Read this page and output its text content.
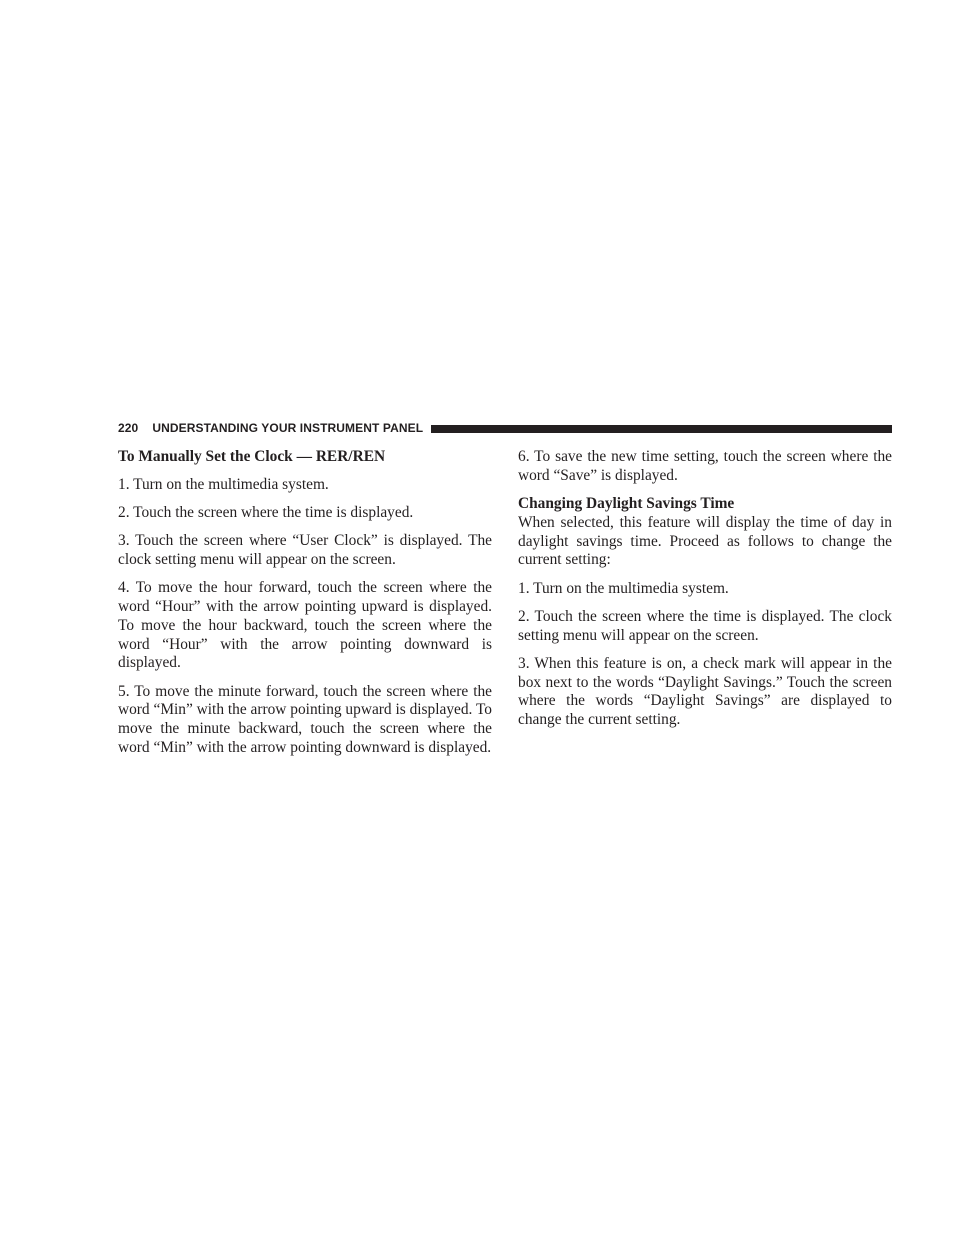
220 UNDERSTANDING YOUR INSTRUMENT PANEL
To Manually Set the Clock — RER/REN

1. Turn on the multimedia system.

2. Touch the screen where the time is displayed.

3. Touch the screen where “User Clock” is displayed. The clock setting menu will appear on the screen.

4. To move the hour forward, touch the screen where the word “Hour” with the arrow pointing upward is displayed. To move the hour backward, touch the screen where the word “Hour” with the arrow pointing downward is displayed.

5. To move the minute forward, touch the screen where the word “Min” with the arrow pointing upward is displayed. To move the minute backward, touch the screen where the word “Min” with the arrow pointing downward is displayed.

6. To save the new time setting, touch the screen where the word “Save” is displayed.

Changing Daylight Savings Time

When selected, this feature will display the time of day in daylight savings time. Proceed as follows to change the current setting:

1. Turn on the multimedia system.

2. Touch the screen where the time is displayed. The clock setting menu will appear on the screen.

3. When this feature is on, a check mark will appear in the box next to the words “Daylight Savings.” Touch the screen where the words “Daylight Savings” are displayed to change the current setting.
